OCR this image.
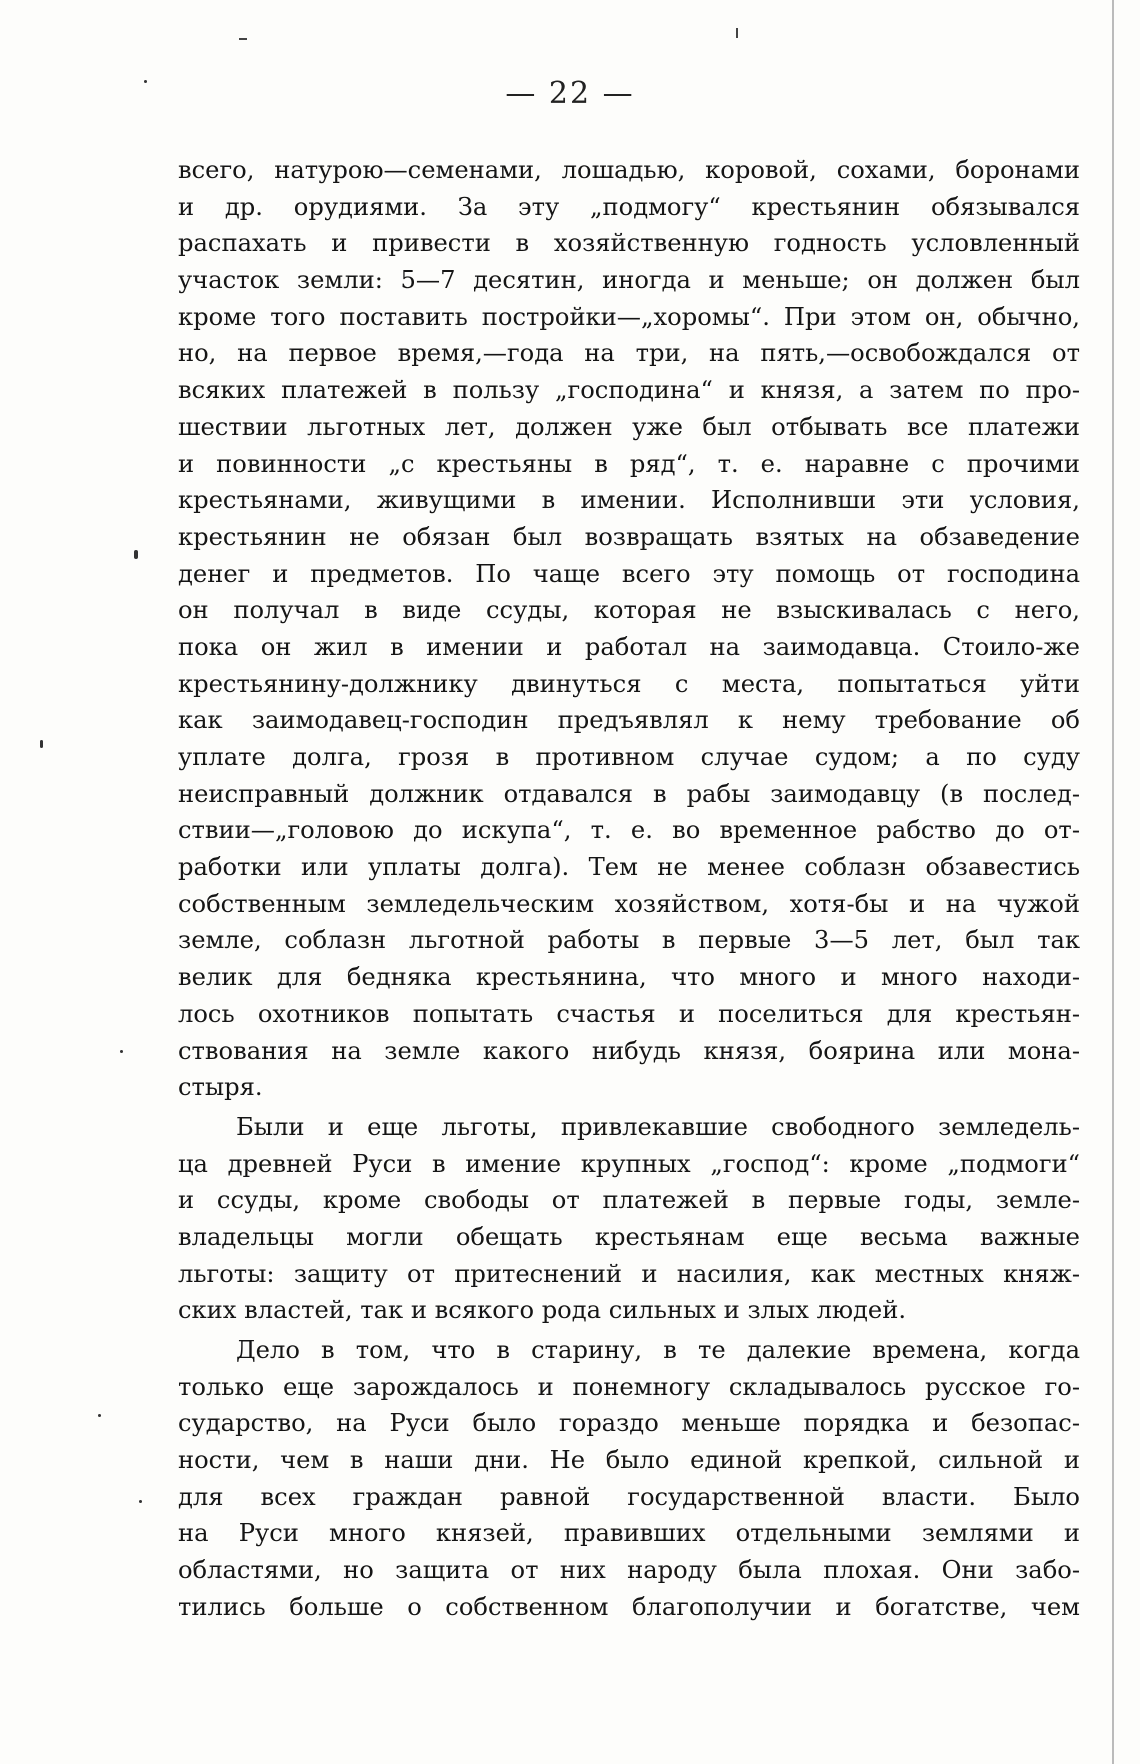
— 22 —
всего, натурою—семенами, лошадью, коровой, сохами, боронами
и др. орудиями. За эту „подмогу“ крестьянин обязывался
распахать и привести в хозяйственную годность условленный
участок земли: 5—7 десятин, иногда и меньше; он должен был
кроме того поставить постройки—„хоромы“. При этом он, обычно,
но, на первое время,—года на три, на пять,—освобождался от
всяких платежей в пользу „господина“ и князя, а затем по про-
шествии льготных лет, должен уже был отбывать все платежи
и повинности „с крестьяны в ряд“, т. е. наравне с прочими
крестьянами, живущими в имении. Исполнивши эти условия,
крестьянин не обязан был возвращать взятых на обзаведение
денег и предметов. По чаще всего эту помощь от господина
он получал в виде ссуды, которая не взыскивалась с него,
пока он жил в имении и работал на заимодавца. Стоило-же
крестьянину-должнику двинуться с места, попытаться уйти
как заимодавец-господин предъявлял к нему требование об
уплате долга, грозя в противном случае судом; а по суду
неисправный должник отдавался в рабы заимодавцу (в послед-
ствии—„головою до искупа“, т. е. во временное рабство до от-
работки или уплаты долга). Тем не менее соблазн обзавестись
собственным земледельческим хозяйством, хотя-бы и на чужой
земле, соблазн льготной работы в первые 3—5 лет, был так
велик для бедняка крестьянина, что много и много находи-
лось охотников попытать счастья и поселиться для крестьян-
ствования на земле какого нибудь князя, боярина или мона-
стыря.
Были и еще льготы, привлекавшие свободного земледель-
ца древней Руси в имение крупных „господ“: кроме „подмоги“
и ссуды, кроме свободы от платежей в первые годы, земле-
владельцы могли обещать крестьянам еще весьма важные
льготы: защиту от притеснений и насилия, как местных княж-
ских властей, так и всякого рода сильных и злых людей.
Дело в том, что в старину, в те далекие времена, когда
только еще зарождалось и понемногу складывалось русское го-
сударство, на Руси было гораздо меньше порядка и безопас-
ности, чем в наши дни. Не было единой крепкой, сильной и
для всех граждан равной государственной власти. Было
на Руси много князей, правивших отдельными землями и
областями, но защита от них народу была плохая. Они забо-
тились больше о собственном благополучии и богатстве, чем
